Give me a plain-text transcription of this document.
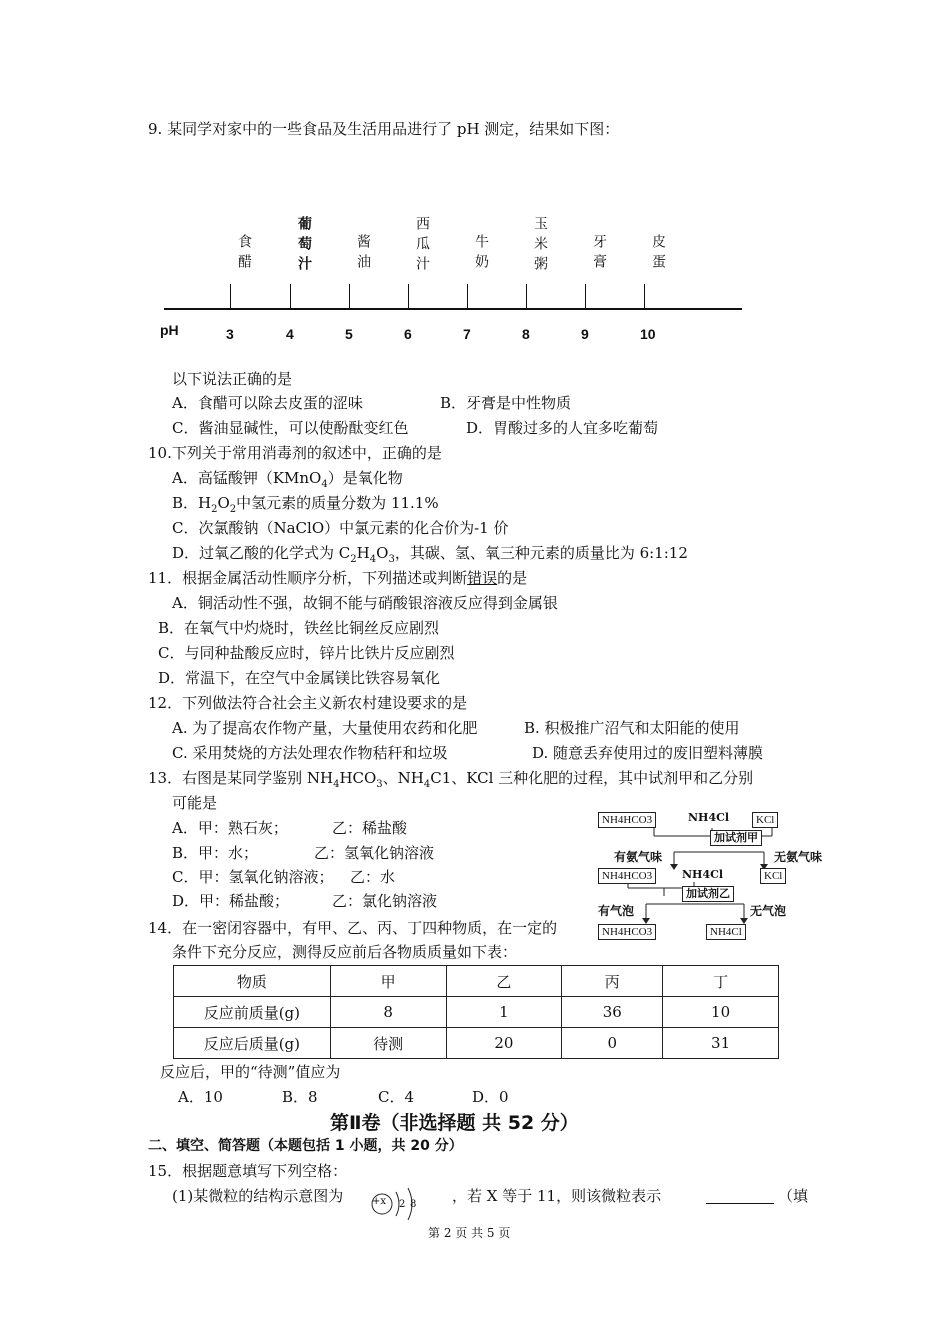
9. 某同学对家中的一些食品及生活用品进行了 pH 测定，结果如下图：
pH	3
食醋
4
葡萄汁
5
酱油
6
西瓜汁
7
牛奶
8
玉米粥
9
牙膏
10
皮蛋
以下说法正确的是
A．食醋可以除去皮蛋的涩味	B．牙膏是中性物质
C．酱油显碱性，可以使酚酞变红色	D．胃酸过多的人宜多吃葡萄
10.下列关于常用消毒剂的叙述中，正确的是
A．高锰酸钾（KMnO$_4$）是氧化物
B．$H_2O_2$中氢元素的质量分数为 11.1%
C．次氯酸钠（NaClO）中氯元素的化合价为-1 价
D．过氧乙酸的化学式为 $C_2H_4O_3$，其碳、氢、氧三种元素的质量比为 6:1:12
11．根据金属活动性顺序分析，下列描述或判断错误的是
A．铜活动性不强，故铜不能与硝酸银溶液反应得到金属银
B．在氧气中灼烧时，铁丝比铜丝反应剧烈
C．与同种盐酸反应时，锌片比铁片反应剧烈
D．常温下，在空气中金属镁比铁容易氧化
12．下列做法符合社会主义新农村建设要求的是
A. 为了提高农作物产量，大量使用农药和化肥	B. 积极推广沼气和太阳能的使用
C. 采用焚烧的方法处理农作物秸秆和垃圾	D. 随意丢弃使用过的废旧塑料薄膜
13．右图是某同学鉴别 $NH_4HCO_3$、$NH_4C1$、KCl 三种化肥的过程，其中试剂甲和乙分别
可能是
A．甲：熟石灰；	乙：稀盐酸
B．甲：水；	乙：氢氧化钠溶液
C．甲：氢氧化钠溶液； 乙：水
D．甲：稀盐酸；	乙：氯化钠溶液
NH4HCO3	NH4Cl	KCl
加试剂甲
有氨气味	无氨气味
NH4HCO3	NH4Cl	KCl
加试剂乙
有气泡	无气泡
NH4HCO3	NH4Cl
14．在一密闭容器中，有甲、乙、丙、丁四种物质，在一定的
条件下充分反应，测得反应前后各物质质量如下表：
物质	甲	乙	丙	丁
反应前质量(g)	8	1	36	10
反应后质量(g)	待测	20	0	31
反应后，甲的“待测”值应为
A．10	B．8	C．4	D．0
第Ⅱ卷（非选择题 共 52 分）
二、填空、简答题（本题包括 1 小题，共 20 分）
15．根据题意填写下列空格：
(1)某微粒的结构示意图为	+x 2 8 ，若 X 等于 11，则该微粒表示	（填
第 2 页 共 5 页
